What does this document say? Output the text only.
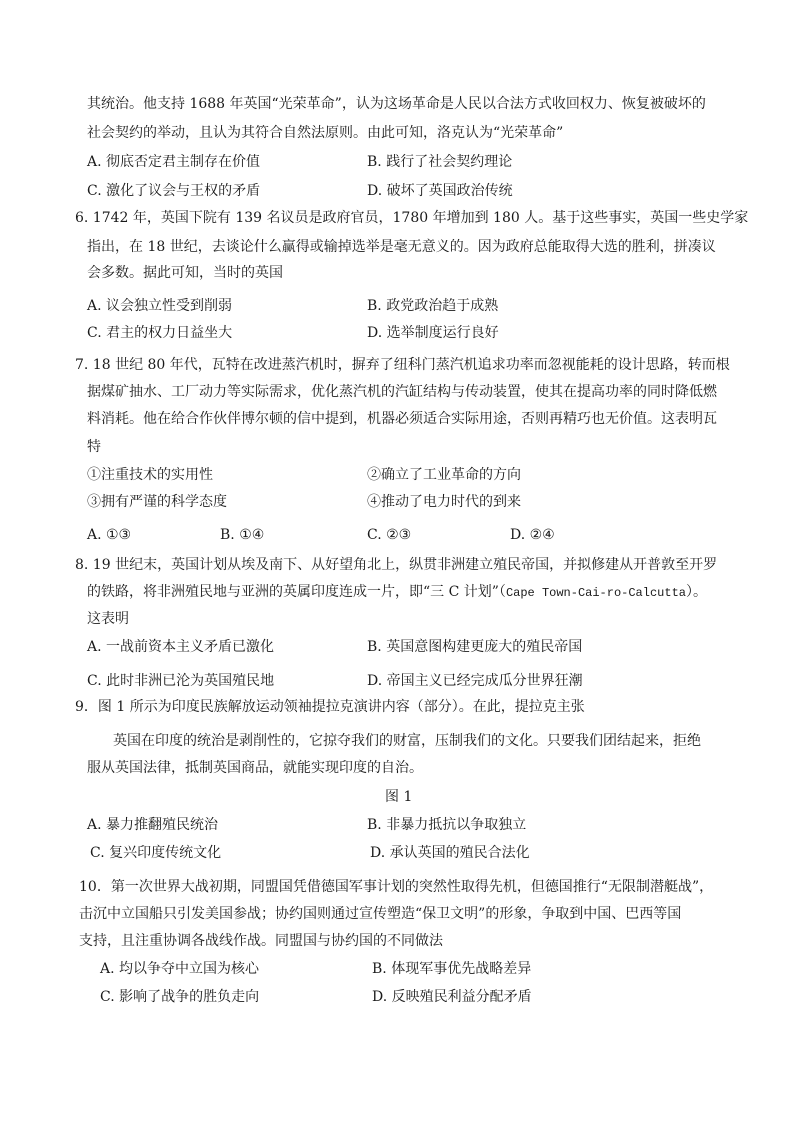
其统治。他支持 1688 年英国“光荣革命”，认为这场革命是人民以合法方式收回权力、恢复被破坏的
社会契约的举动，且认为其符合自然法原则。由此可知，洛克认为“光荣革命”
A. 彻底否定君主制存在价值	B. 践行了社会契约理论
C. 激化了议会与王权的矛盾	D. 破坏了英国政治传统
6. 1742 年，英国下院有 139 名议员是政府官员，1780 年增加到 180 人。基于这些事实，英国一些史学家
指出，在 18 世纪，去谈论什么赢得或输掉选举是毫无意义的。因为政府总能取得大选的胜利，拼凑议
会多数。据此可知，当时的英国
A. 议会独立性受到削弱	B. 政党政治趋于成熟
C. 君主的权力日益坐大	D. 选举制度运行良好
7. 18 世纪 80 年代，瓦特在改进蒸汽机时，摒弃了纽科门蒸汽机追求功率而忽视能耗的设计思路，转而根
据煤矿抽水、工厂动力等实际需求，优化蒸汽机的汽缸结构与传动装置，使其在提高功率的同时降低燃
料消耗。他在给合作伙伴博尔顿的信中提到，机器必须适合实际用途，否则再精巧也无价值。这表明瓦
特
①注重技术的实用性	②确立了工业革命的方向
③拥有严谨的科学态度	④推动了电力时代的到来
A. ①③	B. ①④	C. ②③	D. ②④
8. 19 世纪末，英国计划从埃及南下、从好望角北上，纵贯非洲建立殖民帝国，并拟修建从开普敦至开罗
的铁路，将非洲殖民地与亚洲的英属印度连成一片，即“三 C 计划”（Cape Town-Cai-ro-Calcutta）。
这表明
A. 一战前资本主义矛盾已激化	B. 英国意图构建更庞大的殖民帝国
C. 此时非洲已沦为英国殖民地	D. 帝国主义已经完成瓜分世界狂潮
9．图 1 所示为印度民族解放运动领袖提拉克演讲内容（部分）。在此，提拉克主张
英国在印度的统治是剥削性的，它掠夺我们的财富，压制我们的文化。只要我们团结起来，拒绝
服从英国法律，抵制英国商品，就能实现印度的自治。
图 1
A. 暴力推翻殖民统治	B. 非暴力抵抗以争取独立
C. 复兴印度传统文化	D. 承认英国的殖民合法化
10．第一次世界大战初期，同盟国凭借德国军事计划的突然性取得先机，但德国推行“无限制潜艇战”，
击沉中立国船只引发美国参战；协约国则通过宣传塑造“保卫文明”的形象，争取到中国、巴西等国
支持，且注重协调各战线作战。同盟国与协约国的不同做法
A. 均以争夺中立国为核心	B. 体现军事优先战略差异
C. 影响了战争的胜负走向	D. 反映殖民利益分配矛盾
